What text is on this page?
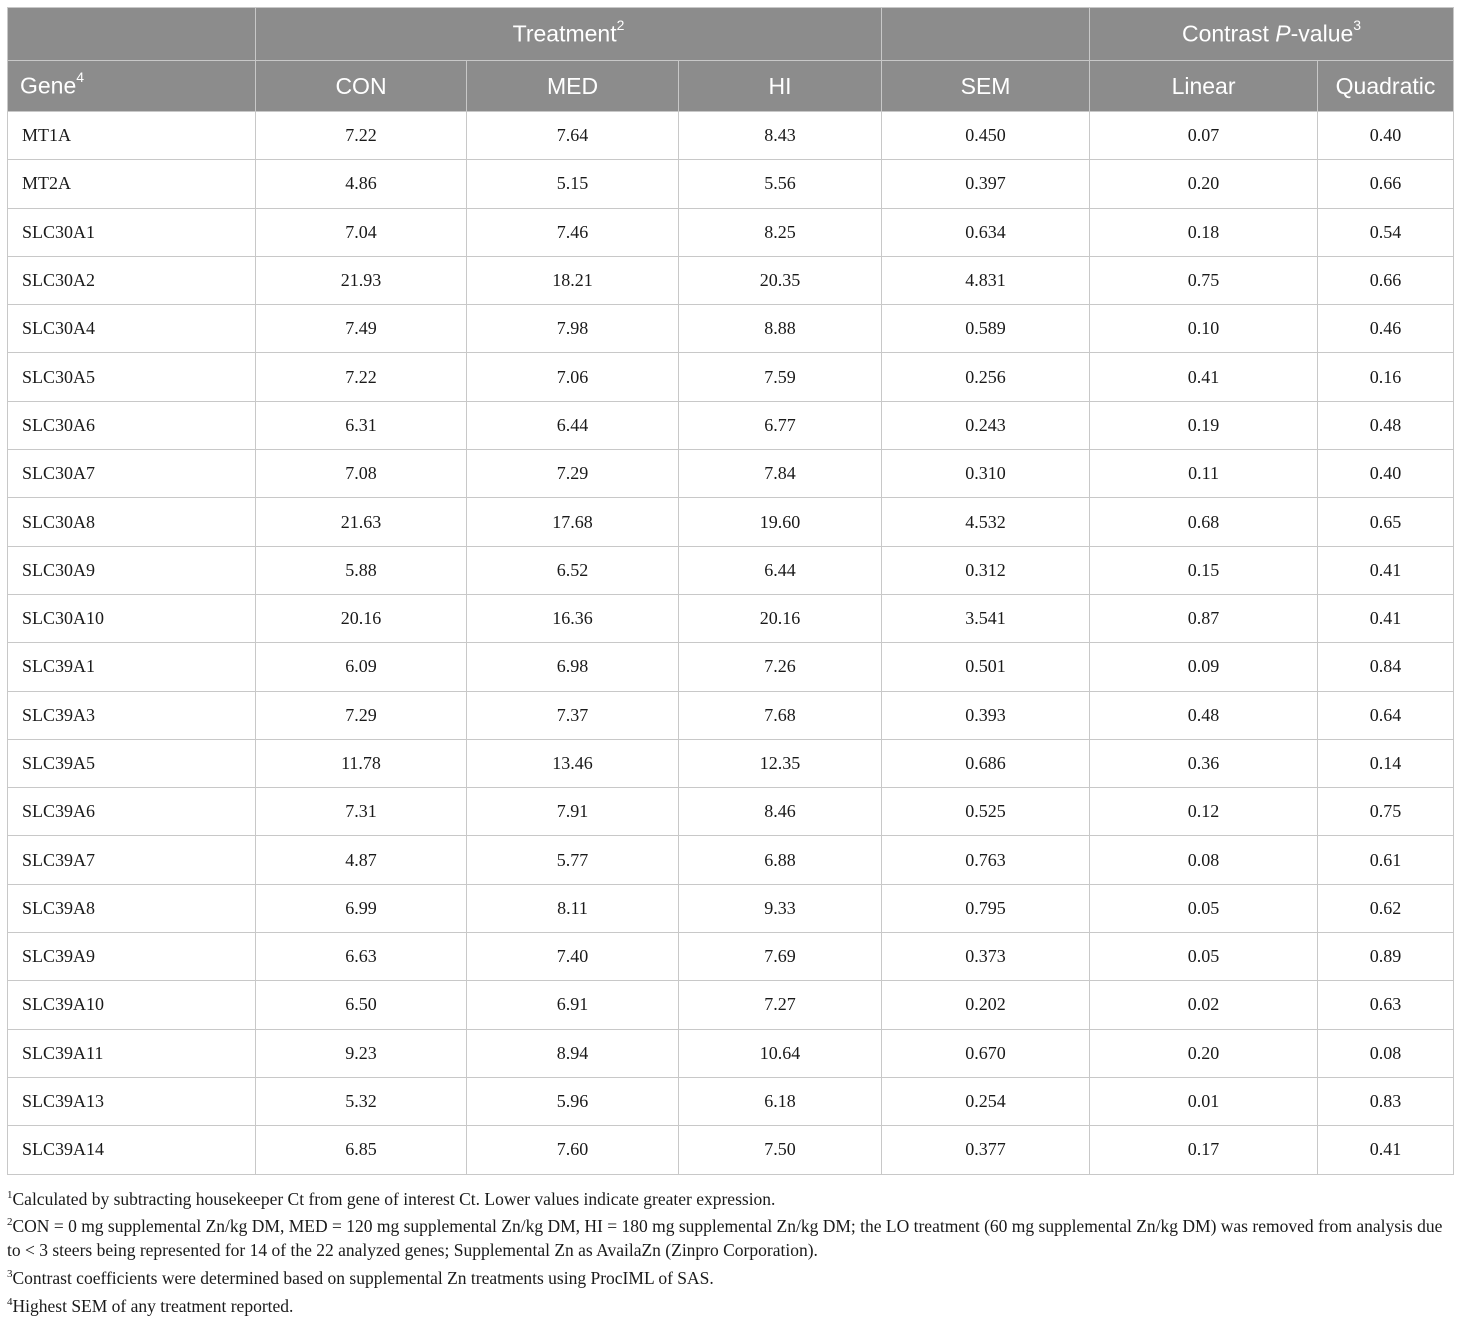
	Treatment$^2$				Contrast P-value$^3$
Gene$^4$	CON	MED	HI	SEM	Linear	Quadratic
MT1A	7.22	7.64	8.43	0.450	0.07	0.40
MT2A	4.86	5.15	5.56	0.397	0.20	0.66
SLC30A1	7.04	7.46	8.25	0.634	0.18	0.54
SLC30A2	21.93	18.21	20.35	4.831	0.75	0.66
SLC30A4	7.49	7.98	8.88	0.589	0.10	0.46
SLC30A5	7.22	7.06	7.59	0.256	0.41	0.16
SLC30A6	6.31	6.44	6.77	0.243	0.19	0.48
SLC30A7	7.08	7.29	7.84	0.310	0.11	0.40
SLC30A8	21.63	17.68	19.60	4.532	0.68	0.65
SLC30A9	5.88	6.52	6.44	0.312	0.15	0.41
SLC30A10	20.16	16.36	20.16	3.541	0.87	0.41
SLC39A1	6.09	6.98	7.26	0.501	0.09	0.84
SLC39A3	7.29	7.37	7.68	0.393	0.48	0.64
SLC39A5	11.78	13.46	12.35	0.686	0.36	0.14
SLC39A6	7.31	7.91	8.46	0.525	0.12	0.75
SLC39A7	4.87	5.77	6.88	0.763	0.08	0.61
SLC39A8	6.99	8.11	9.33	0.795	0.05	0.62
SLC39A9	6.63	7.40	7.69	0.373	0.05	0.89
SLC39A10	6.50	6.91	7.27	0.202	0.02	0.63
SLC39A11	9.23	8.94	10.64	0.670	0.20	0.08
SLC39A13	5.32	5.96	6.18	0.254	0.01	0.83
SLC39A14	6.85	7.60	7.50	0.377	0.17	0.41

$^1$Calculated by subtracting housekeeper Ct from gene of interest Ct. Lower values indicate greater expression.

$^2$CON = 0 mg supplemental Zn/kg DM, MED = 120 mg supplemental Zn/kg DM, HI = 180 mg supplemental Zn/kg DM; the LO treatment (60 mg supplemental Zn/kg DM) was removed from analysis due to < 3 steers being represented for 14 of the 22 analyzed genes; Supplemental Zn as AvailaZn (Zinpro Corporation).

$^3$Contrast coefficients were determined based on supplemental Zn treatments using ProcIML of SAS.

$^4$Highest SEM of any treatment reported.
